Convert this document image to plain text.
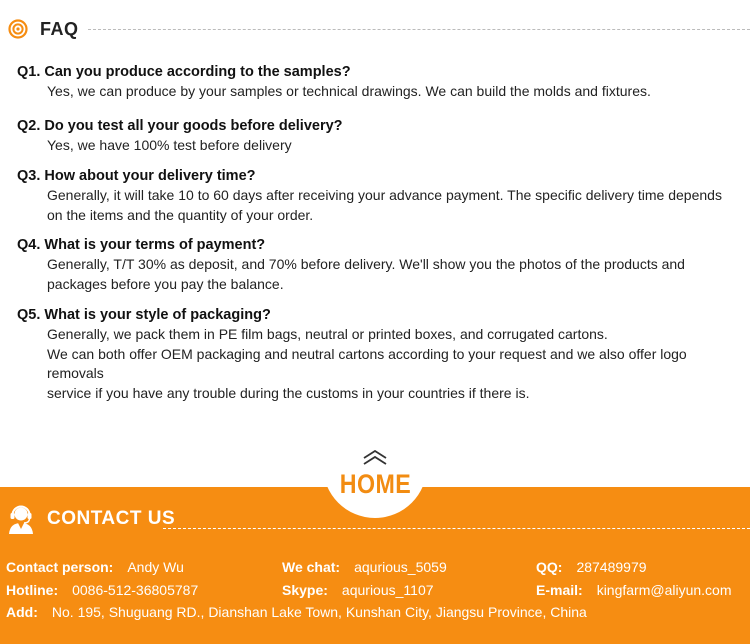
FAQ
Q1. Can you produce according to the samples?
Yes, we can produce by your samples or technical drawings. We can build the molds and fixtures.
Q2. Do you test all your goods before delivery?
Yes, we have 100% test before delivery
Q3. How about your delivery time?
Generally, it will take 10 to 60 days after receiving your advance payment. The specific delivery time depends
on the items and the quantity of your order.
Q4. What is your terms of payment?
Generally, T/T 30% as deposit, and 70% before delivery. We'll show you the photos of the products and
packages before you pay the balance.
Q5. What is your style of packaging?
Generally, we pack them in PE film bags, neutral or printed boxes, and corrugated cartons.
We can both offer OEM packaging and neutral cartons according to your request and we also offer logo removals
service if you have any trouble during the customs in your countries if there is.
HOME
CONTACT US
Contact person: Andy Wu	We chat: aqurious_5059	QQ: 287489979
Hotline: 0086-512-36805787	Skype: aqurious_1107	E-mail: kingfarm@aliyun.com
Add: No. 195, Shuguang RD., Dianshan Lake Town, Kunshan City, Jiangsu Province, China
